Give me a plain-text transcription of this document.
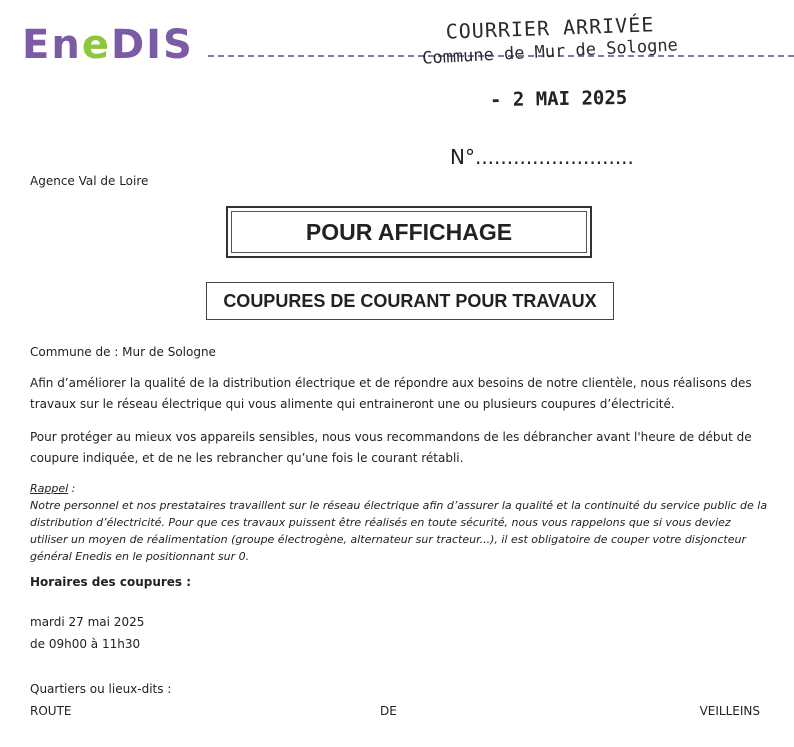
EneDIS	COURRIER ARRIVÉE
Commune de Mur de Sologne
- 2 MAI 2025
N°.........................
Agence Val de Loire
POUR AFFICHAGE
COUPURES DE COURANT POUR TRAVAUX
Commune de : Mur de Sologne
Afin d’améliorer la qualité de la distribution électrique et de répondre aux besoins de notre clientèle, nous réalisons des travaux sur le réseau électrique qui vous alimente qui entraineront une ou plusieurs coupures d’électricité.
Pour protéger au mieux vos appareils sensibles, nous vous recommandons de les débrancher avant l'heure de début de coupure indiquée, et de ne les rebrancher qu’une fois le courant rétabli.
Rappel :
Notre personnel et nos prestataires travaillent sur le réseau électrique afin d’assurer la qualité et la continuité du service public de la distribution d’électricité. Pour que ces travaux puissent être réalisés en toute sécurité, nous vous rappelons que si vous deviez utiliser un moyen de réalimentation (groupe électrogène, alternateur sur tracteur...), il est obligatoire de couper votre disjoncteur général Enedis en le positionnant sur 0.
Horaires des coupures :
mardi 27 mai 2025
de 09h00 à 11h30
Quartiers ou lieux-dits :
ROUTE	DE	VEILLEINS
